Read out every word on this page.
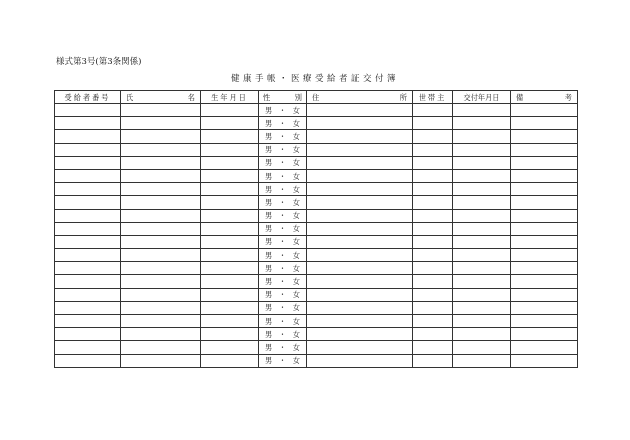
様式第3号(第3条関係)
健康手帳・医療受給者証交付簿
受給者番号	氏 名	生年月日	性 別	住 所	世帯主	交付年月日	備 考

			男 ・ 女				

			男 ・ 女				

			男 ・ 女				

			男 ・ 女				

			男 ・ 女				

			男 ・ 女				

			男 ・ 女				

			男 ・ 女				

			男 ・ 女				

			男 ・ 女				

			男 ・ 女				

			男 ・ 女				

			男 ・ 女				

			男 ・ 女				

			男 ・ 女				

			男 ・ 女				

			男 ・ 女				

			男 ・ 女				

			男 ・ 女				

			男 ・ 女				
